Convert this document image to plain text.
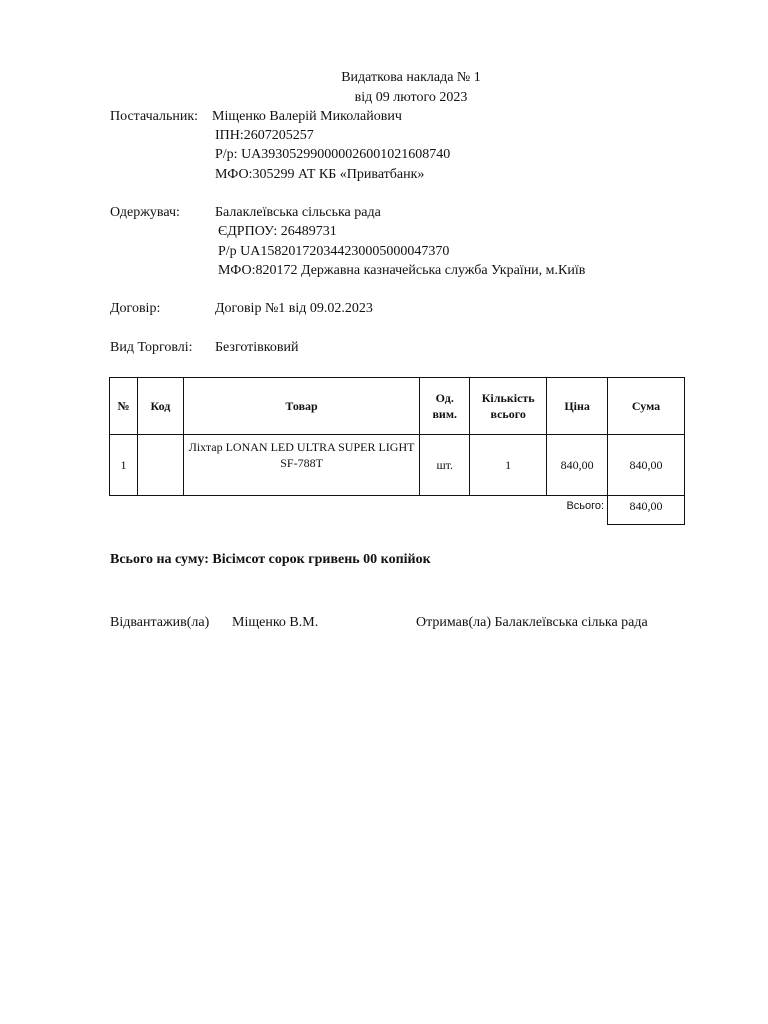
Видаткова наклада № 1
від 09 лютого 2023
Постачальник: Міщенко Валерій Миколайович
ІПН:2607205257
Р/р: UA393052990000026001021608740
МФО:305299 АТ КБ «Приватбанк»
Одержувач:	Балаклеївська сільська рада
ЄДРПОУ: 26489731
Р/р UA158201720344230005000047370
МФО:820172 Державна казначейська служба України, м.Київ
Договір:	Договір №1 від 09.02.2023
Вид Торговлі: Безготівковий
№	Код	Товар	Од. вим.	Кількість всього	Ціна	Сума
1		Ліхтар LONAN LED ULTRA SUPER LIGHT SF-788T	шт.	1	840,00	840,00
					Всього:	840,00
Всього на суму: Вісімсот сорок гривень 00 копійок
Відвантажив(ла) Міщенко В.М.	Отримав(ла) Балаклеївська сілька рада
